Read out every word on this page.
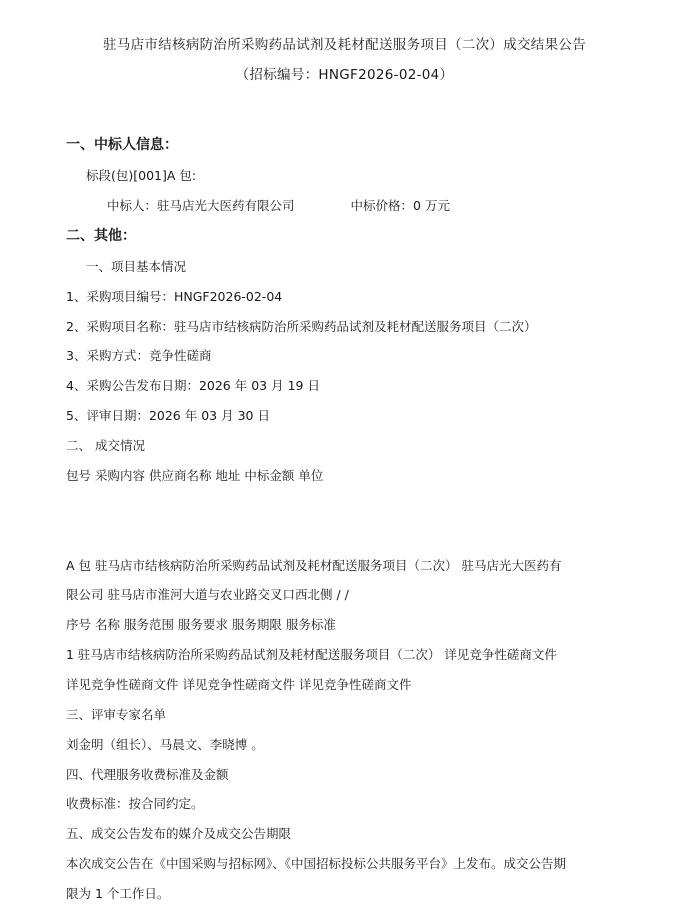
驻马店市结核病防治所采购药品试剂及耗材配送服务项目（二次）成交结果公告
（招标编号：HNGF2026-02-04）
一、中标人信息：
标段(包)[001]A 包:
中标人：驻马店光大医药有限公司	中标价格：0 万元
二、其他：
一、项目基本情况
1、采购项目编号：HNGF2026-02-04
2、采购项目名称：驻马店市结核病防治所采购药品试剂及耗材配送服务项目（二次）
3、采购方式：竞争性磋商
4、采购公告发布日期：2026 年 03 月 19 日
5、评审日期：2026 年 03 月 30 日
二、 成交情况
包号 采购内容 供应商名称 地址 中标金额 单位
A 包 驻马店市结核病防治所采购药品试剂及耗材配送服务项目（二次） 驻马店光大医药有
限公司 驻马店市淮河大道与农业路交叉口西北侧 / /
序号 名称 服务范围 服务要求 服务期限 服务标准
1 驻马店市结核病防治所采购药品试剂及耗材配送服务项目（二次） 详见竞争性磋商文件
详见竞争性磋商文件 详见竞争性磋商文件 详见竞争性磋商文件
三、评审专家名单
刘金明（组长）、马晨文、李晓博 。
四、代理服务收费标准及金额
收费标准：按合同约定。
五、成交公告发布的媒介及成交公告期限
本次成交公告在《中国采购与招标网》、《中国招标投标公共服务平台》上发布。成交公告期
限为 1 个工作日。
